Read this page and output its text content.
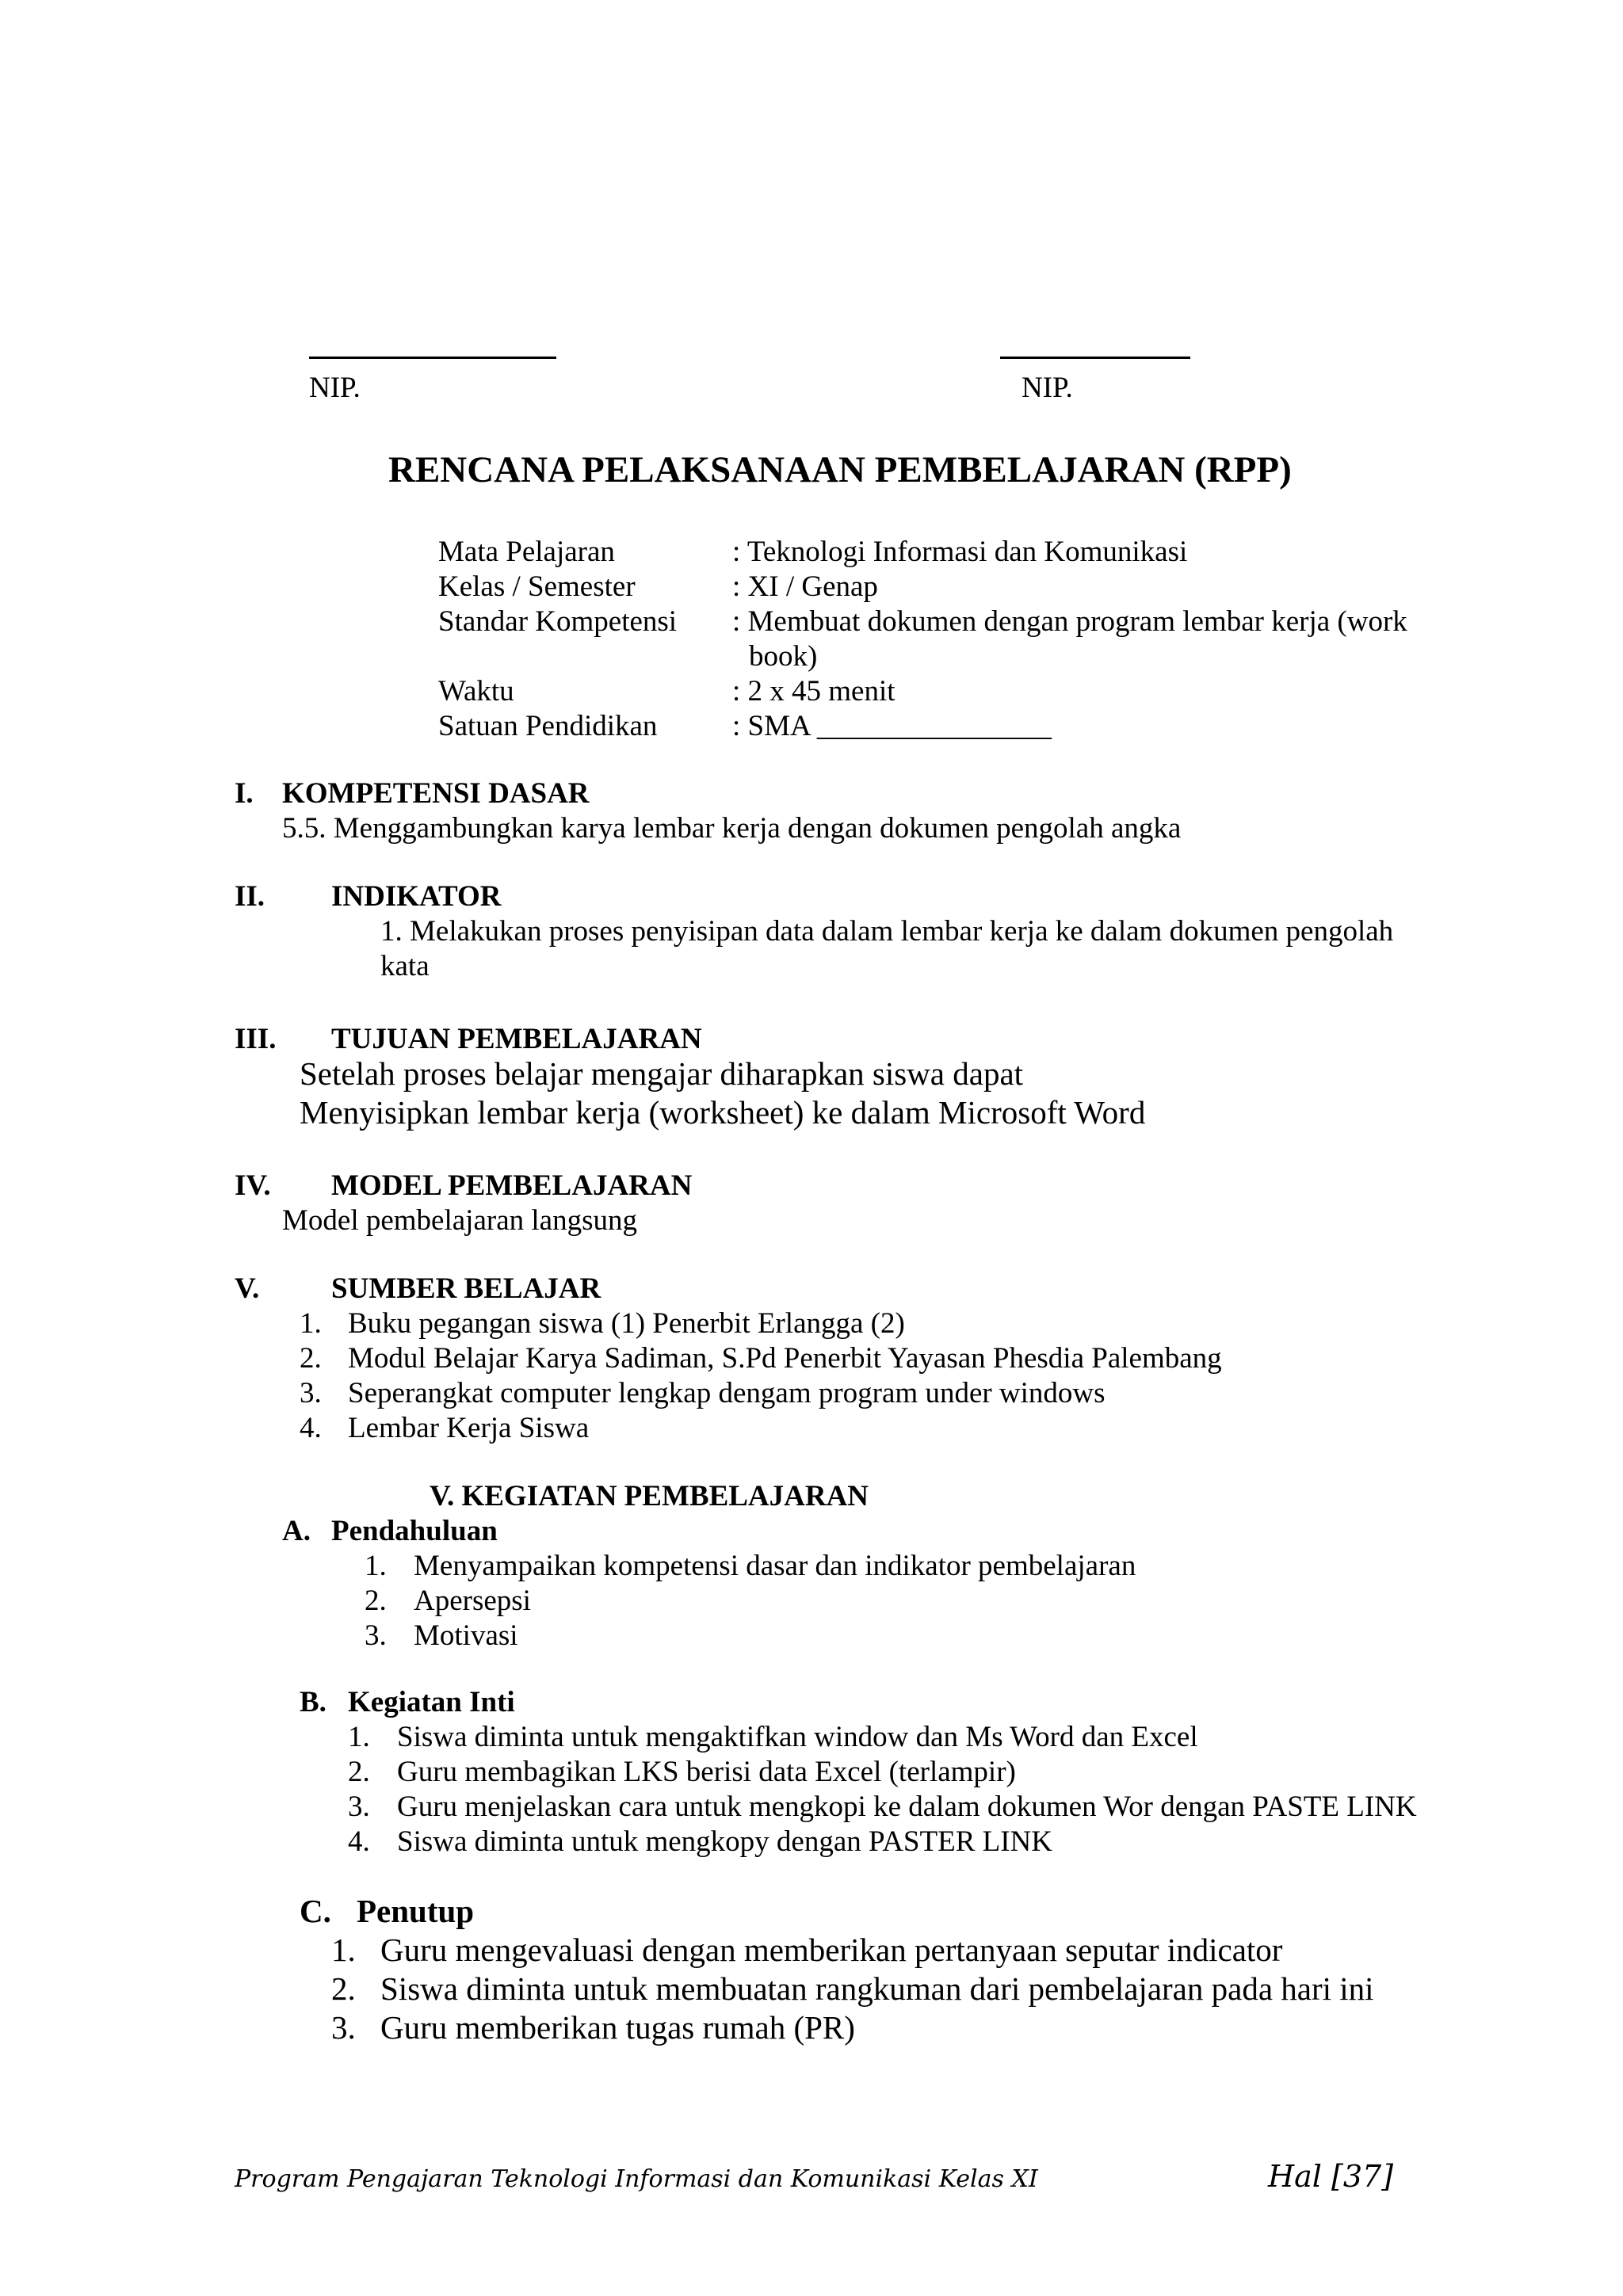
NIP.	NIP.
RENCANA PELAKSANAAN PEMBELAJARAN (RPP)
Mata Pelajaran	: Teknologi Informasi dan Komunikasi
Kelas / Semester	: XI / Genap
Standar Kompetensi : Membuat dokumen dengan program lembar kerja (work
book)
Waktu	: 2 x 45 menit
Satuan Pendidikan	: SMA ________________
I. KOMPETENSI DASAR
5.5. Menggambungkan karya lembar kerja dengan dokumen pengolah angka
II. INDIKATOR
1. Melakukan proses penyisipan data dalam lembar kerja ke dalam dokumen pengolah
kata
III. TUJUAN PEMBELAJARAN
Setelah proses belajar mengajar diharapkan siswa dapat
Menyisipkan lembar kerja (worksheet) ke dalam Microsoft Word
IV. MODEL PEMBELAJARAN
Model pembelajaran langsung
V. SUMBER BELAJAR
1. Buku pegangan siswa (1) Penerbit Erlangga (2)
2. Modul Belajar Karya Sadiman, S.Pd Penerbit Yayasan Phesdia Palembang
3. Seperangkat computer lengkap dengam program under windows
4. Lembar Kerja Siswa
V. KEGIATAN PEMBELAJARAN
A. Pendahuluan
1. Menyampaikan kompetensi dasar dan indikator pembelajaran
2. Apersepsi
3. Motivasi
B. Kegiatan Inti
1. Siswa diminta untuk mengaktifkan window dan Ms Word dan Excel
2. Guru membagikan LKS berisi data Excel (terlampir)
3. Guru menjelaskan cara untuk mengkopi ke dalam dokumen Wor dengan PASTE LINK
4. Siswa diminta untuk mengkopy dengan PASTER LINK
C. Penutup
1. Guru mengevaluasi dengan memberikan pertanyaan seputar indicator
2. Siswa diminta untuk membuatan rangkuman dari pembelajaran pada hari ini
3. Guru memberikan tugas rumah (PR)
Program Pengajaran Teknologi Informasi dan Komunikasi Kelas XI	Hal [37]
